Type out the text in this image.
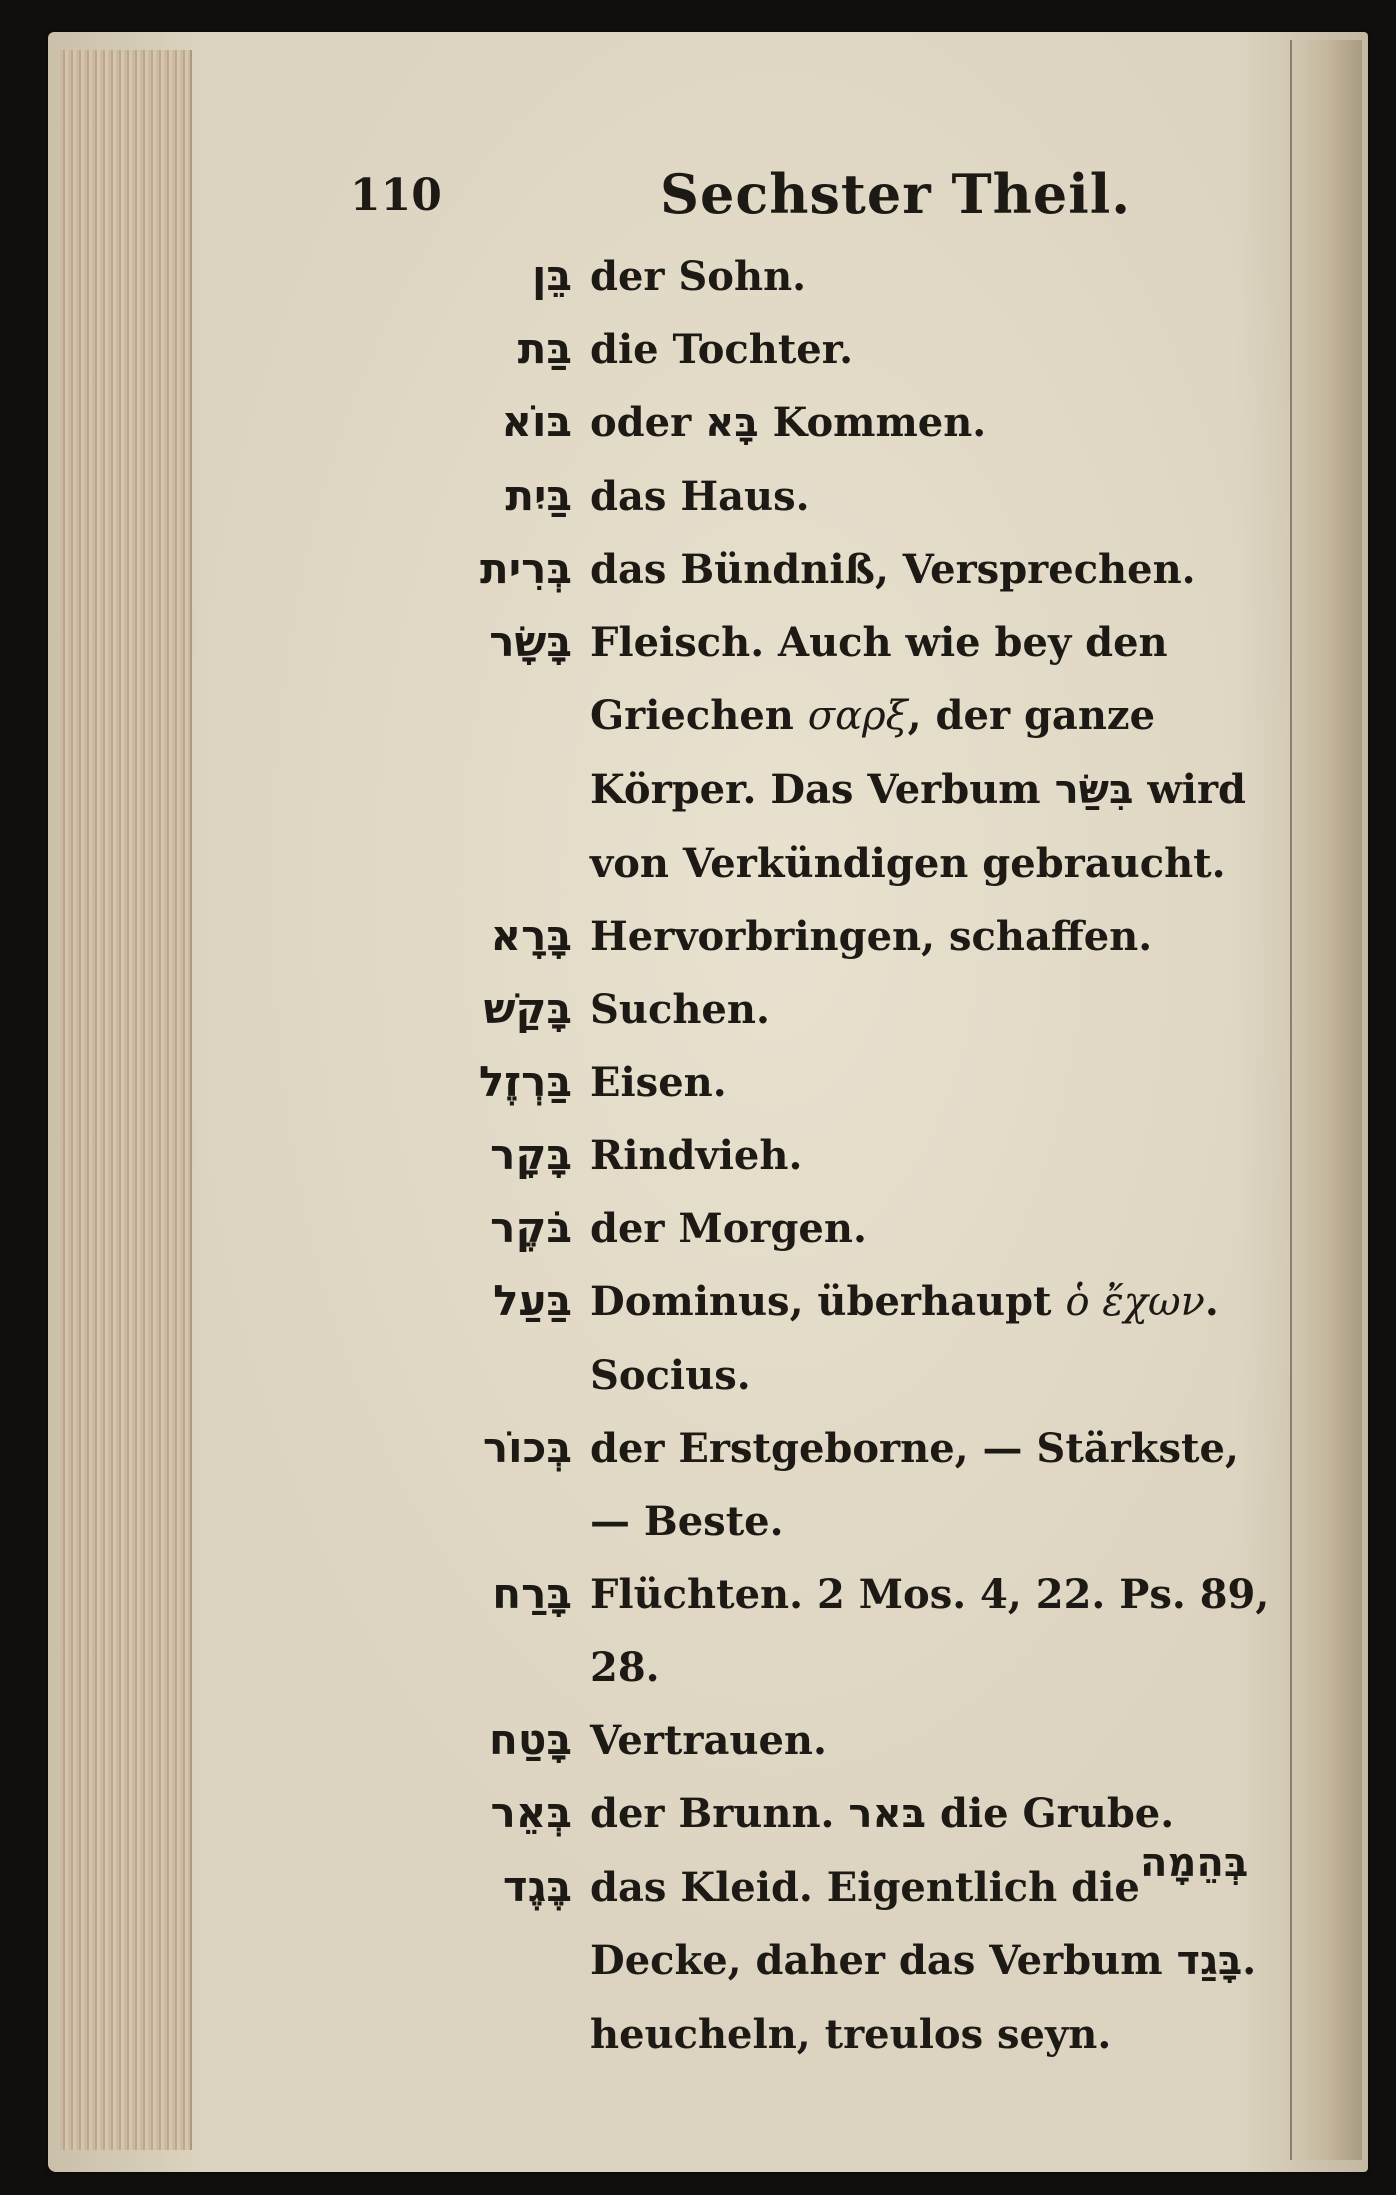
110	Sechster Theil.
בֵּן der Sohn.
בַּת die Tochter.
בּוֹא oder בָּא Kommen.
בַּיִת das Haus.
בְּרִית das Bündniß, Versprechen.
בָּשָׂר Fleisch. Auch wie bey den Griechen σαρξ, der ganze Körper. Das Verbum בִּשַּׂר wird von Verkündigen gebraucht.
בָּרָא Hervorbringen, schaffen.
בָּקַשׁ Suchen.
בַּרְזֶל Eisen.
בָּקָר Rindvieh.
בֹּקֶר der Morgen.
בַּעַל Dominus, überhaupt ὁ ἔχων. Socius.
בְּכוֹר der Erstgeborne, — Stärkste, — Beste.
בָּרַח Flüchten. 2 Mos. 4, 22. Ps. 89, 28.
בָּטַח Vertrauen.
בְּאֵר der Brunn. בּאר die Grube.
בֶּגֶד das Kleid. Eigentlich die Decke, daher das Verbum בָּגַד. heucheln, treulos seyn.
בְּהֵמָה
